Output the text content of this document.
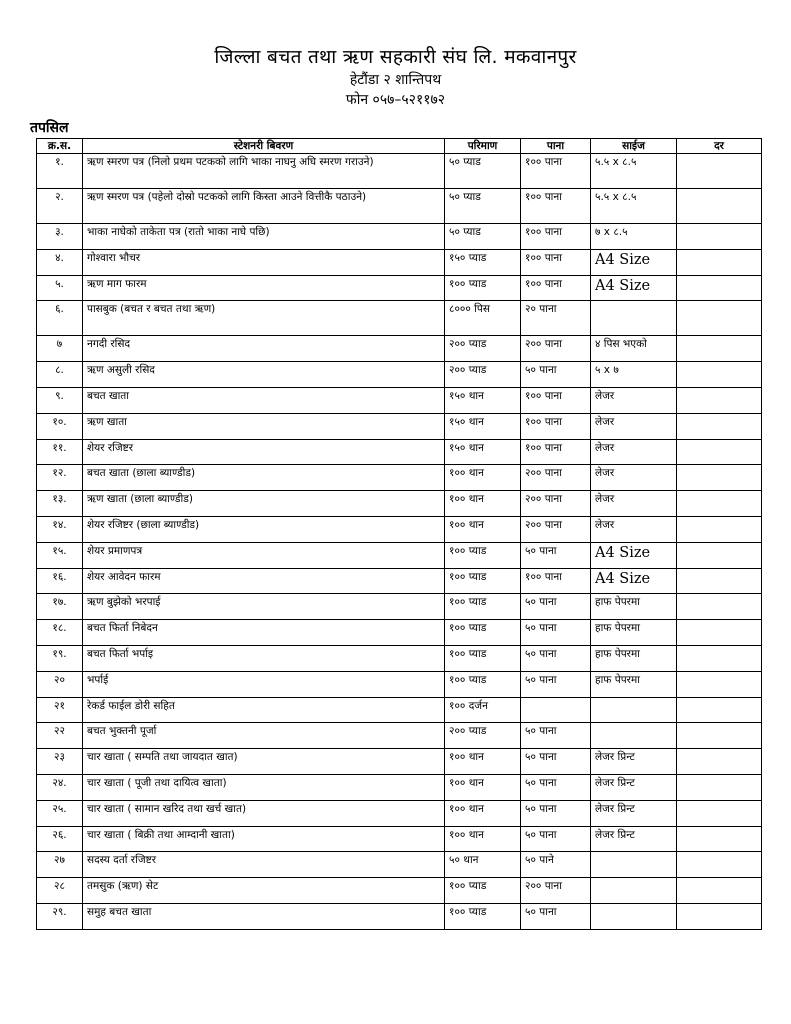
जिल्ला बचत तथा ऋण सहकारी संघ लि. मकवानपुर
हेटौंडा २ शान्तिपथ
फोन ०५७–५२११७२
तपसिल
क्र.स.	स्टेशनरी बिवरण	परिमाण	पाना	साईज	दर
१.	ऋण स्मरण पत्र (निलो प्रथम पटकको लागि भाका नाघनु अघि स्मरण गराउने)	५० प्याड	१०० पाना	५.५ x ८.५	
२.	ऋण स्मरण पत्र (पहेलो दोस्रो पटकको लागि किस्ता आउने वित्तीकै पठाउने)	५० प्याड	१०० पाना	५.५ x ८.५	
३.	भाका नाघेको ताकेता पत्र (रातो भाका नाघे पछि)	५० प्याड	१०० पाना	७ x ८.५	
४.	गोश्वारा भौचर	१५० प्याड	१०० पाना	A4 Size	
५.	ऋण माग फारम	१०० प्याड	१०० पाना	A4 Size	
६.	पासबुक (बचत र बचत तथा ऋण)	८००० पिस	२० पाना		
७	नगदी रसिद	२०० प्याड	२०० पाना	४ पिस भएको	
८.	ऋण असुली रसिद	२०० प्याड	५० पाना	५ x ७	
९.	बचत खाता	१५० थान	१०० पाना	लेजर	
१०.	ऋण खाता	१५० थान	१०० पाना	लेजर	
११.	शेयर रजिष्टर	१५० थान	१०० पाना	लेजर	
१२.	बचत खाता (छाला ब्याण्डीड)	१०० थान	२०० पाना	लेजर	
१३.	ऋण खाता (छाला ब्याण्डीड)	१०० थान	२०० पाना	लेजर	
१४.	शेयर रजिष्टर (छाला ब्याण्डीड)	१०० थान	२०० पाना	लेजर	
१५.	शेयर प्रमाणपत्र	१०० प्याड	५० पाना	A4 Size	
१६.	शेयर आवेदन फारम	१०० प्याड	१०० पाना	A4 Size	
१७.	ऋण बुझेको भरपाई	१०० प्याड	५० पाना	हाफ पेपरमा	
१८.	बचत फिर्ता निबेदन	१०० प्याड	५० पाना	हाफ पेपरमा	
१९.	बचत फिर्ता भर्पाइ	१०० प्याड	५० पाना	हाफ पेपरमा	
२०	भर्पाई	१०० प्याड	५० पाना	हाफ पेपरमा	
२१	रेकर्ड फाईल डोरी सहित	१०० दर्जन			
२२	बचत भुक्तनी पूर्जा	२०० प्याड	५० पाना		
२३	चार खाता ( सम्पति तथा जायदात खात)	१०० थान	५० पाना	लेजर प्रिन्ट	
२४.	चार खाता ( पूजी तथा दायित्व खाता)	१०० थान	५० पाना	लेजर प्रिन्ट	
२५.	चार खाता ( सामान खरिद तथा खर्च खात)	१०० थान	५० पाना	लेजर प्रिन्ट	
२६.	चार खाता ( बिक्री तथा आम्दानी खाता)	१०० थान	५० पाना	लेजर प्रिन्ट	
२७	सदस्य दर्ता रजिष्टर	५० थान	५० पाने		
२८	तमसुक (ऋण) सेट	१०० प्याड	२०० पाना		
२९.	समुह बचत खाता	१०० प्याड	५० पाना		
